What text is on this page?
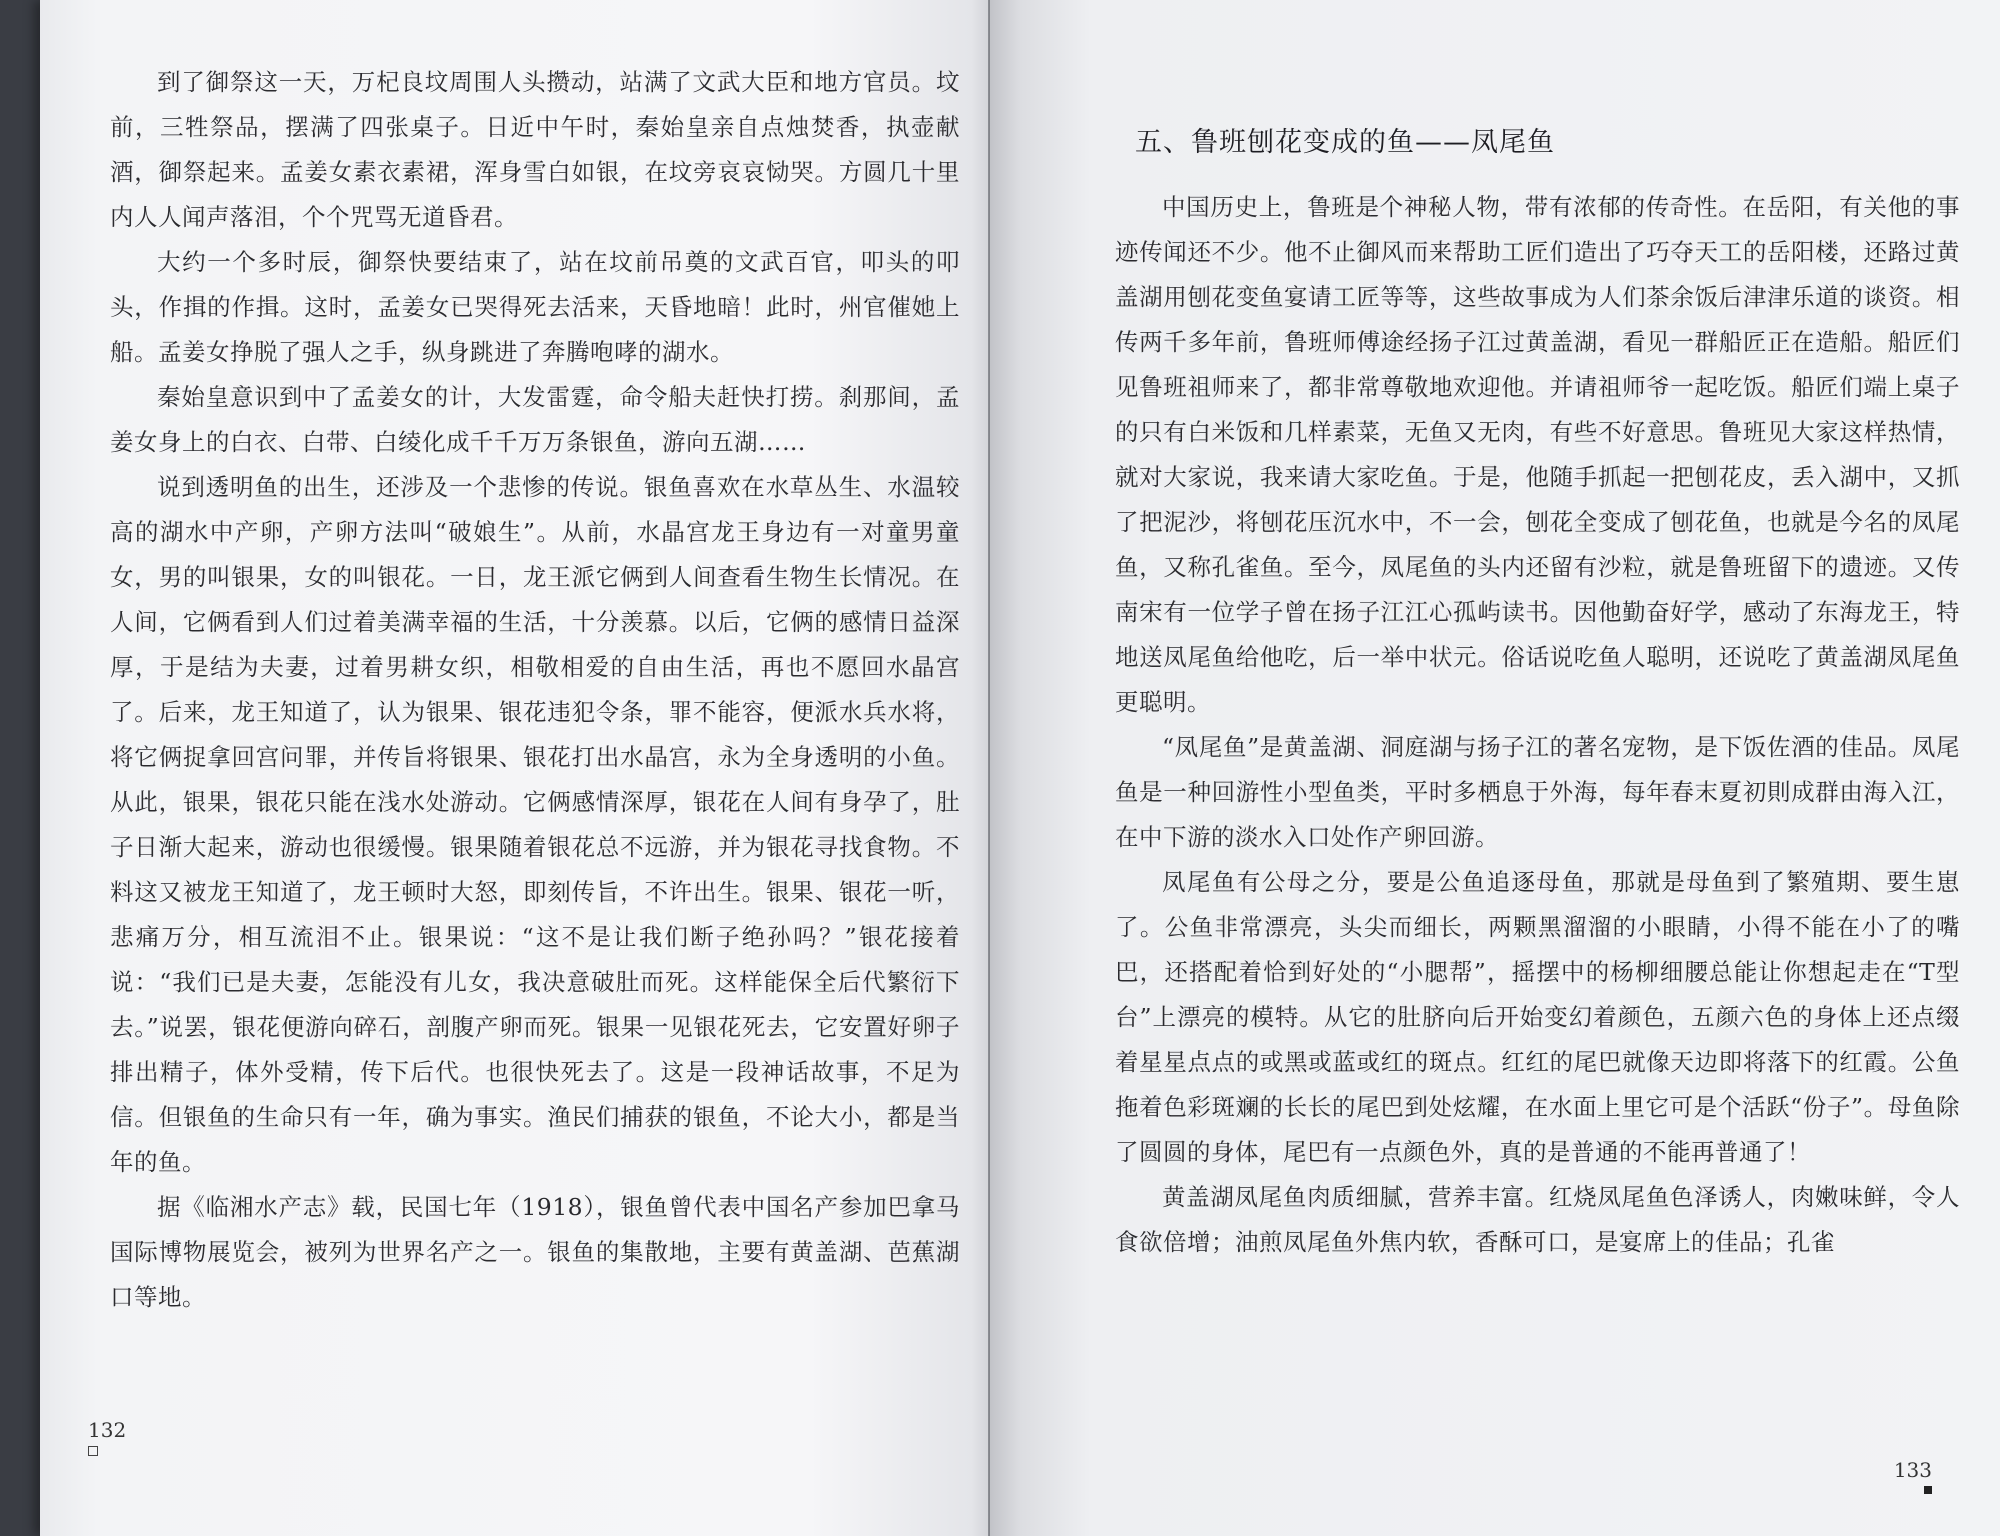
到了御祭这一天，万杞良坟周围人头攒动，站满了文武大臣和地方官员。坟前，三牲祭品，摆满了四张桌子。日近中午时，秦始皇亲自点烛焚香，执壶献酒，御祭起来。孟姜女素衣素裙，浑身雪白如银，在坟旁哀哀恸哭。方圆几十里内人人闻声落泪，个个咒骂无道昏君。

大约一个多时辰，御祭快要结束了，站在坟前吊奠的文武百官，叩头的叩头，作揖的作揖。这时，孟姜女已哭得死去活来，天昏地暗！此时，州官催她上船。孟姜女挣脱了强人之手，纵身跳进了奔腾咆哮的湖水。

秦始皇意识到中了孟姜女的计，大发雷霆，命令船夫赶快打捞。刹那间，孟姜女身上的白衣、白带、白绫化成千千万万条银鱼，游向五湖……

说到透明鱼的出生，还涉及一个悲惨的传说。银鱼喜欢在水草丛生、水温较高的湖水中产卵，产卵方法叫“破娘生”。从前，水晶宫龙王身边有一对童男童女，男的叫银果，女的叫银花。一日，龙王派它俩到人间查看生物生长情况。在人间，它俩看到人们过着美满幸福的生活，十分羡慕。以后，它俩的感情日益深厚，于是结为夫妻，过着男耕女织，相敬相爱的自由生活，再也不愿回水晶宫了。后来，龙王知道了，认为银果、银花违犯令条，罪不能容，便派水兵水将，将它俩捉拿回宫问罪，并传旨将银果、银花打出水晶宫，永为全身透明的小鱼。从此，银果，银花只能在浅水处游动。它俩感情深厚，银花在人间有身孕了，肚子日渐大起来，游动也很缓慢。银果随着银花总不远游，并为银花寻找食物。不料这又被龙王知道了，龙王顿时大怒，即刻传旨，不许出生。银果、银花一听，悲痛万分，相互流泪不止。银果说：“这不是让我们断子绝孙吗？”银花接着说：“我们已是夫妻，怎能没有儿女，我决意破肚而死。这样能保全后代繁衍下去。”说罢，银花便游向碎石，剖腹产卵而死。银果一见银花死去，它安置好卵子排出精子，体外受精，传下后代。也很快死去了。这是一段神话故事，不足为信。但银鱼的生命只有一年，确为事实。渔民们捕获的银鱼，不论大小，都是当年的鱼。

据《临湘水产志》载，民国七年（1918），银鱼曾代表中国名产参加巴拿马国际博物展览会，被列为世界名产之一。银鱼的集散地，主要有黄盖湖、芭蕉湖口等地。

132
五、鲁班刨花变成的鱼——凤尾鱼

中国历史上，鲁班是个神秘人物，带有浓郁的传奇性。在岳阳，有关他的事迹传闻还不少。他不止御风而来帮助工匠们造出了巧夺天工的岳阳楼，还路过黄盖湖用刨花变鱼宴请工匠等等，这些故事成为人们茶余饭后津津乐道的谈资。相传两千多年前，鲁班师傅途经扬子江过黄盖湖，看见一群船匠正在造船。船匠们见鲁班祖师来了，都非常尊敬地欢迎他。并请祖师爷一起吃饭。船匠们端上桌子的只有白米饭和几样素菜，无鱼又无肉，有些不好意思。鲁班见大家这样热情，就对大家说，我来请大家吃鱼。于是，他随手抓起一把刨花皮，丢入湖中，又抓了把泥沙，将刨花压沉水中，不一会，刨花全变成了刨花鱼，也就是今名的凤尾鱼，又称孔雀鱼。至今，凤尾鱼的头内还留有沙粒，就是鲁班留下的遗迹。又传南宋有一位学子曾在扬子江江心孤屿读书。因他勤奋好学，感动了东海龙王，特地送凤尾鱼给他吃，后一举中状元。俗话说吃鱼人聪明，还说吃了黄盖湖凤尾鱼更聪明。

“凤尾鱼”是黄盖湖、洞庭湖与扬子江的著名宠物，是下饭佐酒的佳品。凤尾鱼是一种回游性小型鱼类，平时多栖息于外海，每年春末夏初則成群由海入江，在中下游的淡水入口处作产卵回游。

凤尾鱼有公母之分，要是公鱼追逐母鱼，那就是母鱼到了繁殖期、要生崽了。公鱼非常漂亮，头尖而细长，两颗黑溜溜的小眼睛，小得不能在小了的嘴巴，还搭配着恰到好处的“小腮帮”，摇摆中的杨柳细腰总能让你想起走在“T型台”上漂亮的模特。从它的肚脐向后开始变幻着颜色，五颜六色的身体上还点缀着星星点点的或黑或蓝或红的斑点。红红的尾巴就像天边即将落下的红霞。公鱼拖着色彩斑斓的长长的尾巴到处炫耀，在水面上里它可是个活跃“份子”。母鱼除了圆圆的身体，尾巴有一点颜色外，真的是普通的不能再普通了！

黄盖湖凤尾鱼肉质细腻，营养丰富。红烧凤尾鱼色泽诱人，肉嫩味鲜，令人食欲倍增；油煎凤尾鱼外焦内软，香酥可口，是宴席上的佳品；孔雀

133
